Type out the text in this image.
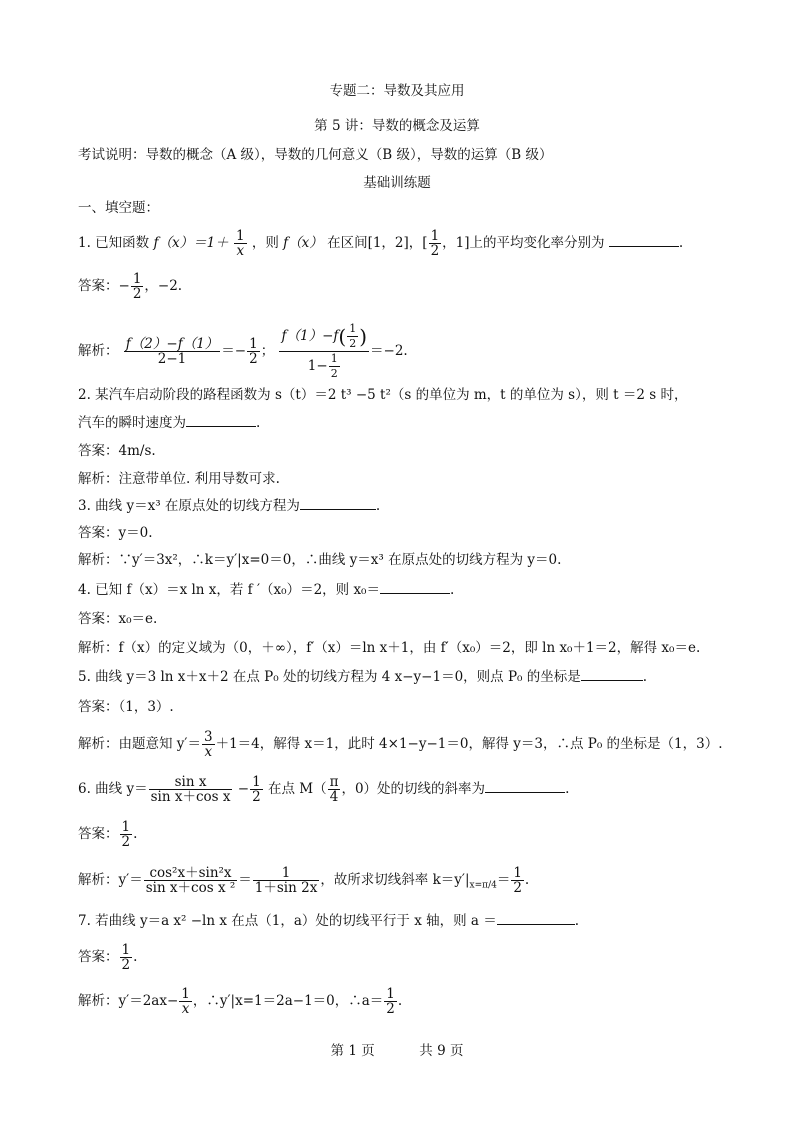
专题二：导数及其应用
第 5 讲：导数的概念及运算
考试说明：导数的概念（A 级），导数的几何意义（B 级），导数的运算（B 级）
基础训练题
一、填空题：
1. 已知函数 $f(x)=1+ \frac{1}{x}$ ，则 f（x） 在区间[1，2]，[ $\frac{1}{2}$ ，1]上的平均变化率分别为	.
答案：− $\frac{1}{2}$ ，−2.
解析： $\frac{f(2)-f(1)}{2-1} =- \frac{1}{2}$ ； $\frac{f(1)-f( \frac{1}{2} )}{1- \frac{1}{2}} =-2$.
2. 某汽车启动阶段的路程函数为 s（t）＝2 t³ −5 t²（s 的单位为 m，t 的单位为 s），则 t ＝2 s 时，
汽车的瞬时速度为	.
答案：4m/s.
解析：注意带单位. 利用导数可求.
3. 曲线 y＝x³ 在原点处的切线方程为	.
答案：y＝0.
解析：∵y′＝3x²，∴k＝y′|x=0＝0，∴曲线 y＝x³ 在原点处的切线方程为 y＝0.
4. 已知 f（x）＝x ln x，若 f ′（x₀）＝2，则 x₀＝	.
答案：x₀＝e.
解析：f（x）的定义域为（0，＋∞），f′（x）＝ln x＋1，由 f′（x₀）＝2，即 ln x₀＋1＝2，解得 x₀＝e.
5. 曲线 y＝3 ln x＋x＋2 在点 P₀ 处的切线方程为 4 x−y−1＝0，则点 P₀ 的坐标是	.
答案：（1，3）.
解析：由题意知 $y'= \frac{3}{x} +1=4$，解得 x＝1，此时 4×1−y−1＝0，解得 y＝3，∴点 P₀ 的坐标是（1，3）.
6. 曲线 $y= \frac{\text{sin x}}{\text{sin x＋cos x}} - \frac{1}{2}$ 在点 $M( \frac{\pi}{4}$ ，0）处的切线的斜率为	.
答案： $\frac{1}{2}$ .
解析：$y'= \frac{\text{cos²x＋sin²x}}{\text{sin x＋cos x ²}} = \frac{1}{1+\sin 2x}$ ，故所求切线斜率 $k=y'|_{x=\pi/4}= \frac{1}{2}$ .
7. 若曲线 y＝a x² −ln x 在点（1，a）处的切线平行于 x 轴，则 a ＝	.
答案： $\frac{1}{2}$ .
解析：$y'=2ax- \frac{1}{x}$ ，∴y′|x=1＝2a−1＝0，∴a＝ $\frac{1}{2}$ .
第 1 页	共 9 页
